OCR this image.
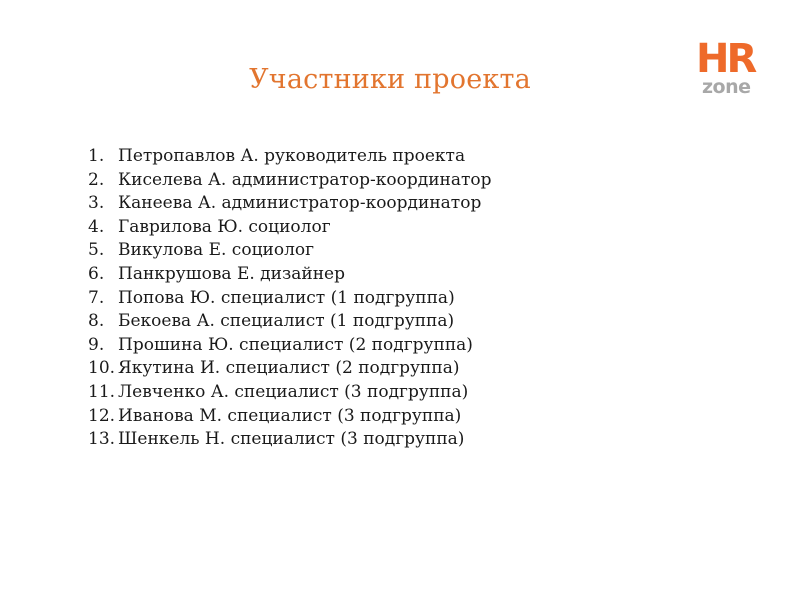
Участники проекта	HR
zone
1. Петропавлов А. руководитель проекта
2. Киселева А. администратор-координатор
3. Канеева А. администратор-координатор
4. Гаврилова Ю. социолог
5. Викулова Е. социолог
6. Панкрушова Е. дизайнер
7. Попова Ю. специалист (1 подгруппа)
8. Бекоева А. специалист (1 подгруппа)
9. Прошина Ю. специалист (2 подгруппа)
10. Якутина И. специалист (2 подгруппа)
11. Левченко А. специалист (3 подгруппа)
12. Иванова М. специалист (3 подгруппа)
13. Шенкель Н. специалист (3 подгруппа)
